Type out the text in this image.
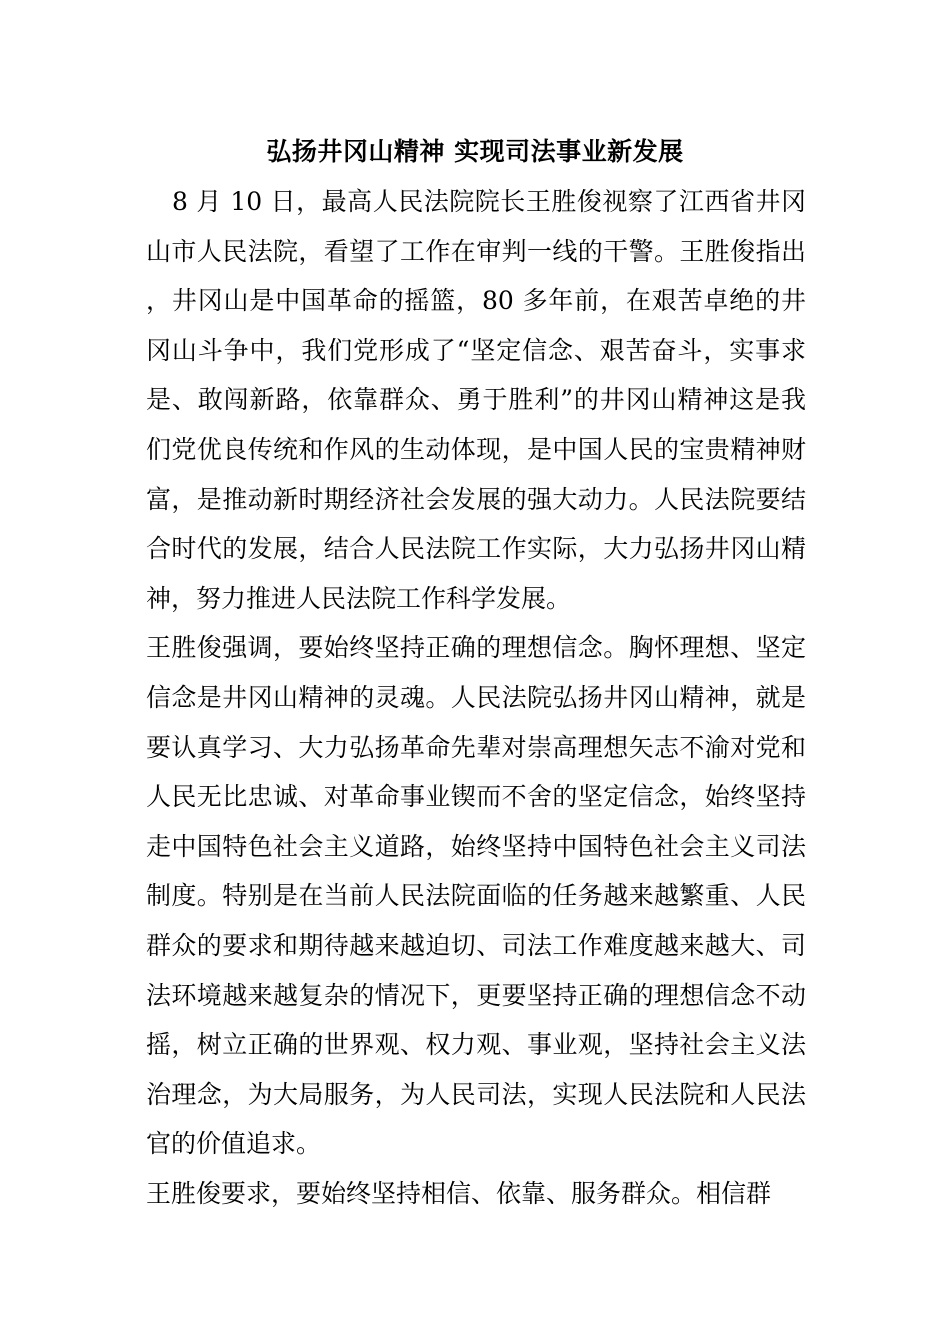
弘扬井冈山精神 实现司法事业新发展

8 月 10 日，最高人民法院院长王胜俊视察了江西省井冈山市人民法院，看望了工作在审判一线的干警。王胜俊指出，井冈山是中国革命的摇篮，80 多年前，在艰苦卓绝的井冈山斗争中，我们党形成了“坚定信念、艰苦奋斗，实事求是、敢闯新路，依靠群众、勇于胜利”的井冈山精神这是我们党优良传统和作风的生动体现，是中国人民的宝贵精神财富，是推动新时期经济社会发展的强大动力。人民法院要结合时代的发展，结合人民法院工作实际，大力弘扬井冈山精神，努力推进人民法院工作科学发展。

王胜俊强调，要始终坚持正确的理想信念。胸怀理想、坚定信念是井冈山精神的灵魂。人民法院弘扬井冈山精神，就是要认真学习、大力弘扬革命先辈对崇高理想矢志不渝对党和人民无比忠诚、对革命事业锲而不舍的坚定信念，始终坚持走中国特色社会主义道路，始终坚持中国特色社会主义司法制度。特别是在当前人民法院面临的任务越来越繁重、人民群众的要求和期待越来越迫切、司法工作难度越来越大、司法环境越来越复杂的情况下，更要坚持正确的理想信念不动摇，树立正确的世界观、权力观、事业观，坚持社会主义法治理念，为大局服务，为人民司法，实现人民法院和人民法官的价值追求。

王胜俊要求，要始终坚持相信、依靠、服务群众。相信群
